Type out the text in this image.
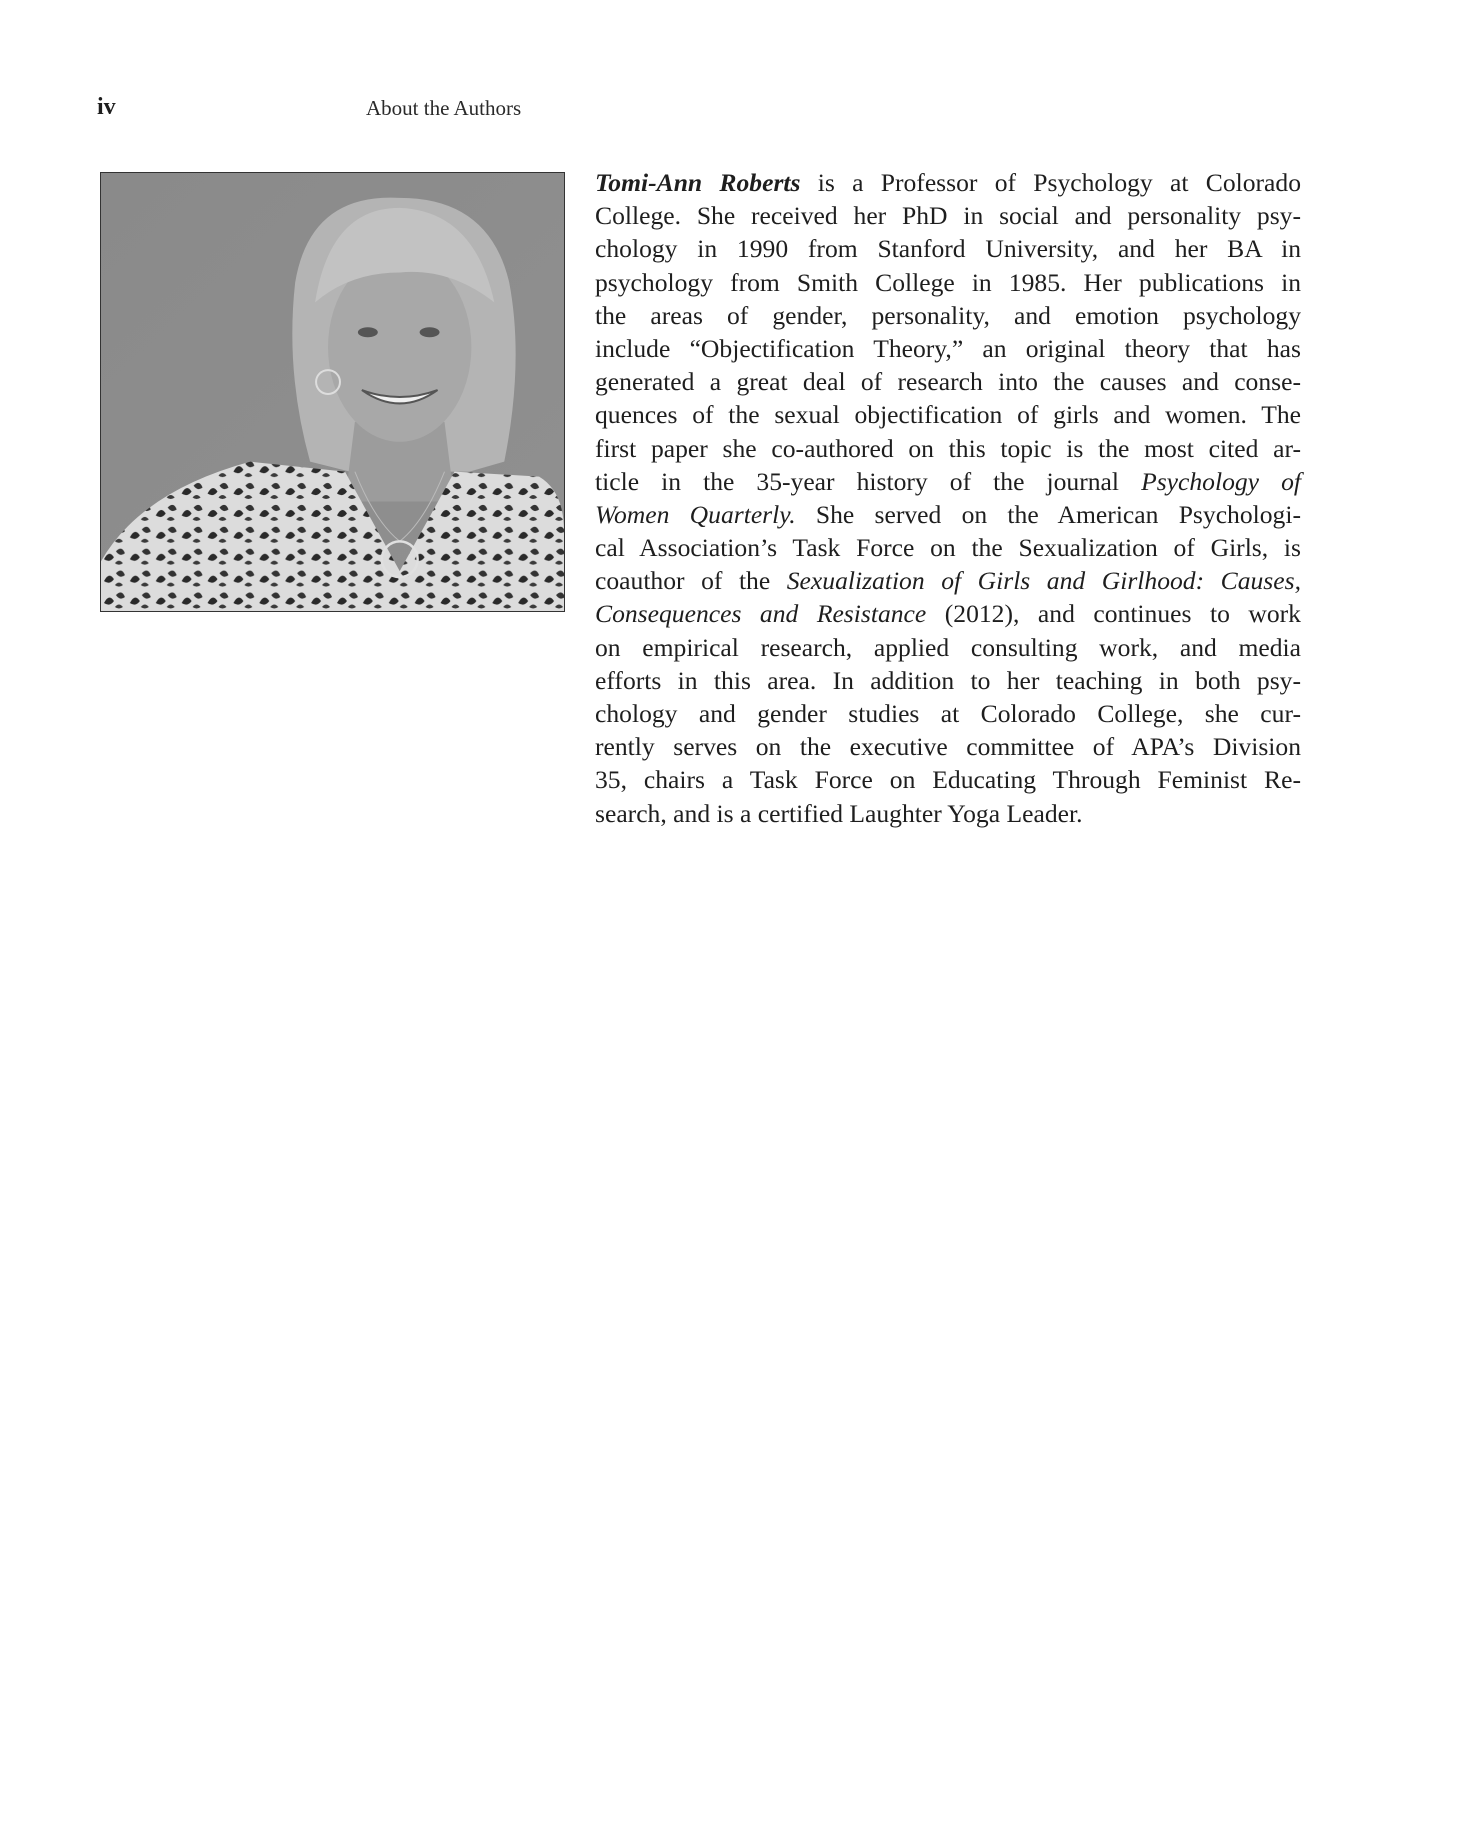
iv	About the Authors
Tomi-Ann Roberts is a Professor of Psychology at Colorado
College. She received her PhD in social and personality psy-
chology in 1990 from Stanford University, and her BA in
psychology from Smith College in 1985. Her publications in
the areas of gender, personality, and emotion psychology
include “Objectification Theory,” an original theory that has
generated a great deal of research into the causes and conse-
quences of the sexual objectification of girls and women. The
first paper she co-authored on this topic is the most cited ar-
ticle in the 35-year history of the journal Psychology of
Women Quarterly. She served on the American Psychologi-
cal Association’s Task Force on the Sexualization of Girls, is
coauthor of the Sexualization of Girls and Girlhood: Causes,
Consequences and Resistance (2012), and continues to work
on empirical research, applied consulting work, and media
efforts in this area. In addition to her teaching in both psy-
chology and gender studies at Colorado College, she cur-
rently serves on the executive committee of APA’s Division
35, chairs a Task Force on Educating Through Feminist Re-
search, and is a certified Laughter Yoga Leader.
